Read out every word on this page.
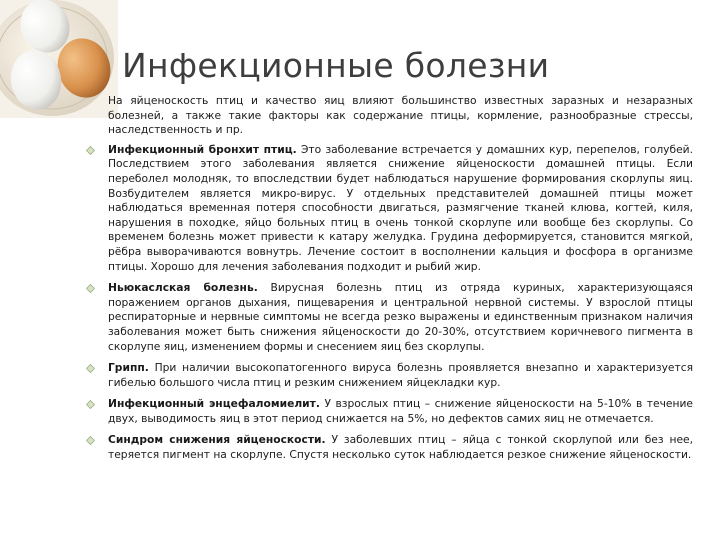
Инфекционные болезни
На яйценоскость птиц и качество яиц влияют большинство известных заразных и незаразных болезней, а также такие факторы как содержание птицы, кормление, разнообразные стрессы, наследственность и пр.
Инфекционный бронхит птиц. Это заболевание встречается у домашних кур, перепелов, голубей. Последствием этого заболевания является снижение яйценоскости домашней птицы. Если переболел молодняк, то впоследствии будет наблюдаться нарушение формирования скорлупы яиц. Возбудителем является микро-вирус. У отдельных представителей домашней птицы может наблюдаться временная потеря способности двигаться, размягчение тканей клюва, когтей, киля, нарушения в походке, яйцо больных птиц в очень тонкой скорлупе или вообще без скорлупы. Со временем болезнь может привести к катару желудка. Грудина деформируется, становится мягкой, рёбра выворачиваются вовнутрь. Лечение состоит в восполнении кальция и фосфора в организме птицы. Хорошо для лечения заболевания подходит и рыбий жир.
Ньюкаслская болезнь. Вирусная болезнь птиц из отряда куриных, характеризующаяся поражением органов дыхания, пищеварения и центральной нервной системы. У взрослой птицы респираторные и нервные симптомы не всегда резко выражены и единственным признаком наличия заболевания может быть снижения яйценоскости до 20-30%, отсутствием коричневого пигмента в скорлупе яиц, изменением формы и снесением яиц без скорлупы.
Грипп. При наличии высокопатогенного вируса болезнь проявляется внезапно и характеризуется гибелью большого числа птиц и резким снижением яйцекладки кур.
Инфекционный энцефаломиелит. У взрослых птиц – снижение яйценоскости на 5-10% в течение двух, выводимость яиц в этот период снижается на 5%, но дефектов самих яиц не отмечается.
Синдром снижения яйценоскости. У заболевших птиц – яйца с тонкой скорлупой или без нее, теряется пигмент на скорлупе. Спустя несколько суток наблюдается резкое снижение яйценоскости.
